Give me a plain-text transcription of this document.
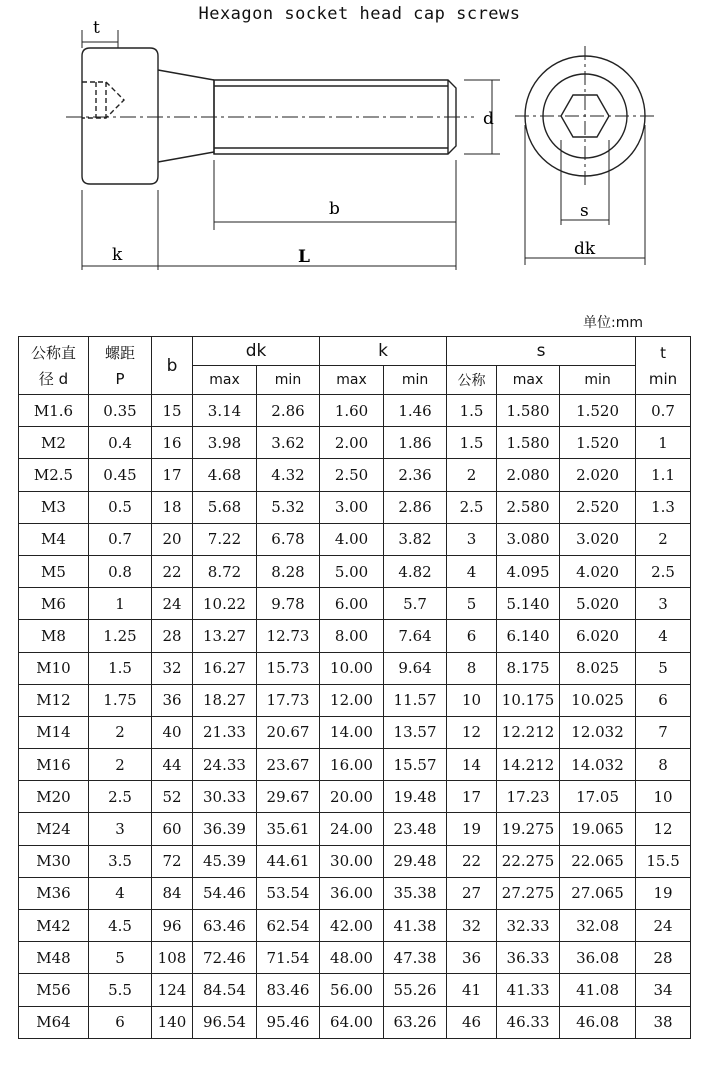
Hexagon socket head cap screws
t
d
b
k	L
s
dk
单位:mm
公称直
径 d	螺距
P	b	dk		k		s			t
min
			max	min	max	min	公称	max	min	
M1.6	0.35	15	3.14	2.86	1.60	1.46	1.5	1.580	1.520	0.7
M2	0.4	16	3.98	3.62	2.00	1.86	1.5	1.580	1.520	1
M2.5	0.45	17	4.68	4.32	2.50	2.36	2	2.080	2.020	1.1
M3	0.5	18	5.68	5.32	3.00	2.86	2.5	2.580	2.520	1.3
M4	0.7	20	7.22	6.78	4.00	3.82	3	3.080	3.020	2
M5	0.8	22	8.72	8.28	5.00	4.82	4	4.095	4.020	2.5
M6	1	24	10.22	9.78	6.00	5.7	5	5.140	5.020	3
M8	1.25	28	13.27	12.73	8.00	7.64	6	6.140	6.020	4
M10	1.5	32	16.27	15.73	10.00	9.64	8	8.175	8.025	5
M12	1.75	36	18.27	17.73	12.00	11.57	10	10.175	10.025	6
M14	2	40	21.33	20.67	14.00	13.57	12	12.212	12.032	7
M16	2	44	24.33	23.67	16.00	15.57	14	14.212	14.032	8
M20	2.5	52	30.33	29.67	20.00	19.48	17	17.23	17.05	10
M24	3	60	36.39	35.61	24.00	23.48	19	19.275	19.065	12
M30	3.5	72	45.39	44.61	30.00	29.48	22	22.275	22.065	15.5
M36	4	84	54.46	53.54	36.00	35.38	27	27.275	27.065	19
M42	4.5	96	63.46	62.54	42.00	41.38	32	32.33	32.08	24
M48	5	108	72.46	71.54	48.00	47.38	36	36.33	36.08	28
M56	5.5	124	84.54	83.46	56.00	55.26	41	41.33	41.08	34
M64	6	140	96.54	95.46	64.00	63.26	46	46.33	46.08	38
